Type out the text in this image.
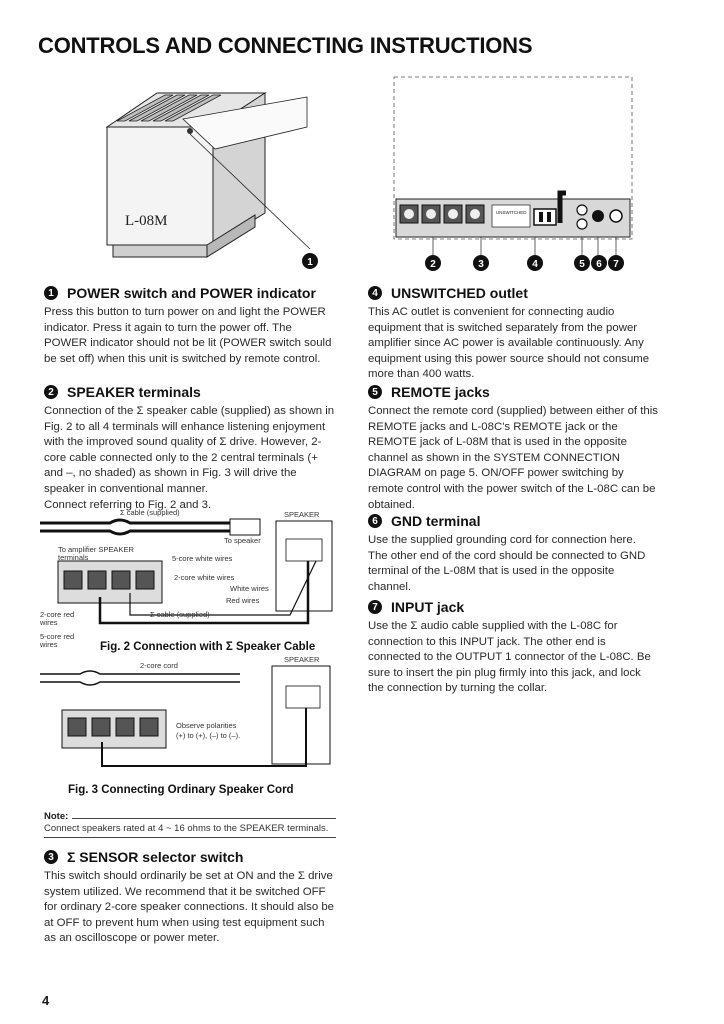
CONTROLS AND CONNECTING INSTRUCTIONS
1
L-08M
UNSWITCHED
2	3	4	5 6 7
1 POWER switch and POWER indicator

Press this button to turn power on and light the POWER indicator. Press it again to turn the power off. The POWER indicator should not be lit (POWER switch sould be set off) when this unit is switched by remote control.

2 SPEAKER terminals

Connection of the Σ speaker cable (supplied) as shown in Fig. 2 to all 4 terminals will enhance listening enjoyment with the improved sound quality of Σ drive. However, 2-core cable connected only to the 2 central terminals (+ and –, no shaded) as shown in Fig. 3 will drive the speaker in conventional manner.

Connect referring to Fig. 2 and 3.

Σ cable (supplied)	SPEAKER
To speaker
To amplifier SPEAKER
terminals	5-core white wires
2-core white wires
White wires
Red wires
2-core red
wires
Σ cable (supplied)
5-core red
wires	Fig. 2 Connection with Σ Speaker Cable
SPEAKER
2-core cord
Observe polarities
(+) to (+), (–) to (–).
Fig. 3 Connecting Ordinary Speaker Cord
Note:
Connect speakers rated at 4 ~ 16 ohms to the SPEAKER terminals.
3 Σ SENSOR selector switch

This switch should ordinarily be set at ON and the Σ drive system utilized. We recommend that it be switched OFF for ordinary 2-core speaker connections. It should also be at OFF to prevent hum when using test equipment such as an oscilloscope or power meter.

4 UNSWITCHED outlet

This AC outlet is convenient for connecting audio equipment that is switched separately from the power amplifier since AC power is available continuously. Any equipment using this power source should not consume more than 400 watts.

5 REMOTE jacks

Connect the remote cord (supplied) between either of this REMOTE jacks and L-08C's REMOTE jack or the REMOTE jack of L-08M that is used in the opposite channel as shown in the SYSTEM CONNECTION DIAGRAM on page 5. ON/OFF power switching by remote control with the power switch of the L-08C can be obtained.

6 GND terminal

Use the supplied grounding cord for connection here. The other end of the cord should be connected to GND terminal of the L-08M that is used in the opposite channel.

7 INPUT jack

Use the Σ audio cable supplied with the L-08C for connection to this INPUT jack. The other end is connected to the OUTPUT 1 connector of the L-08C. Be sure to insert the pin plug firmly into this jack, and lock the connection by turning the collar.

4
